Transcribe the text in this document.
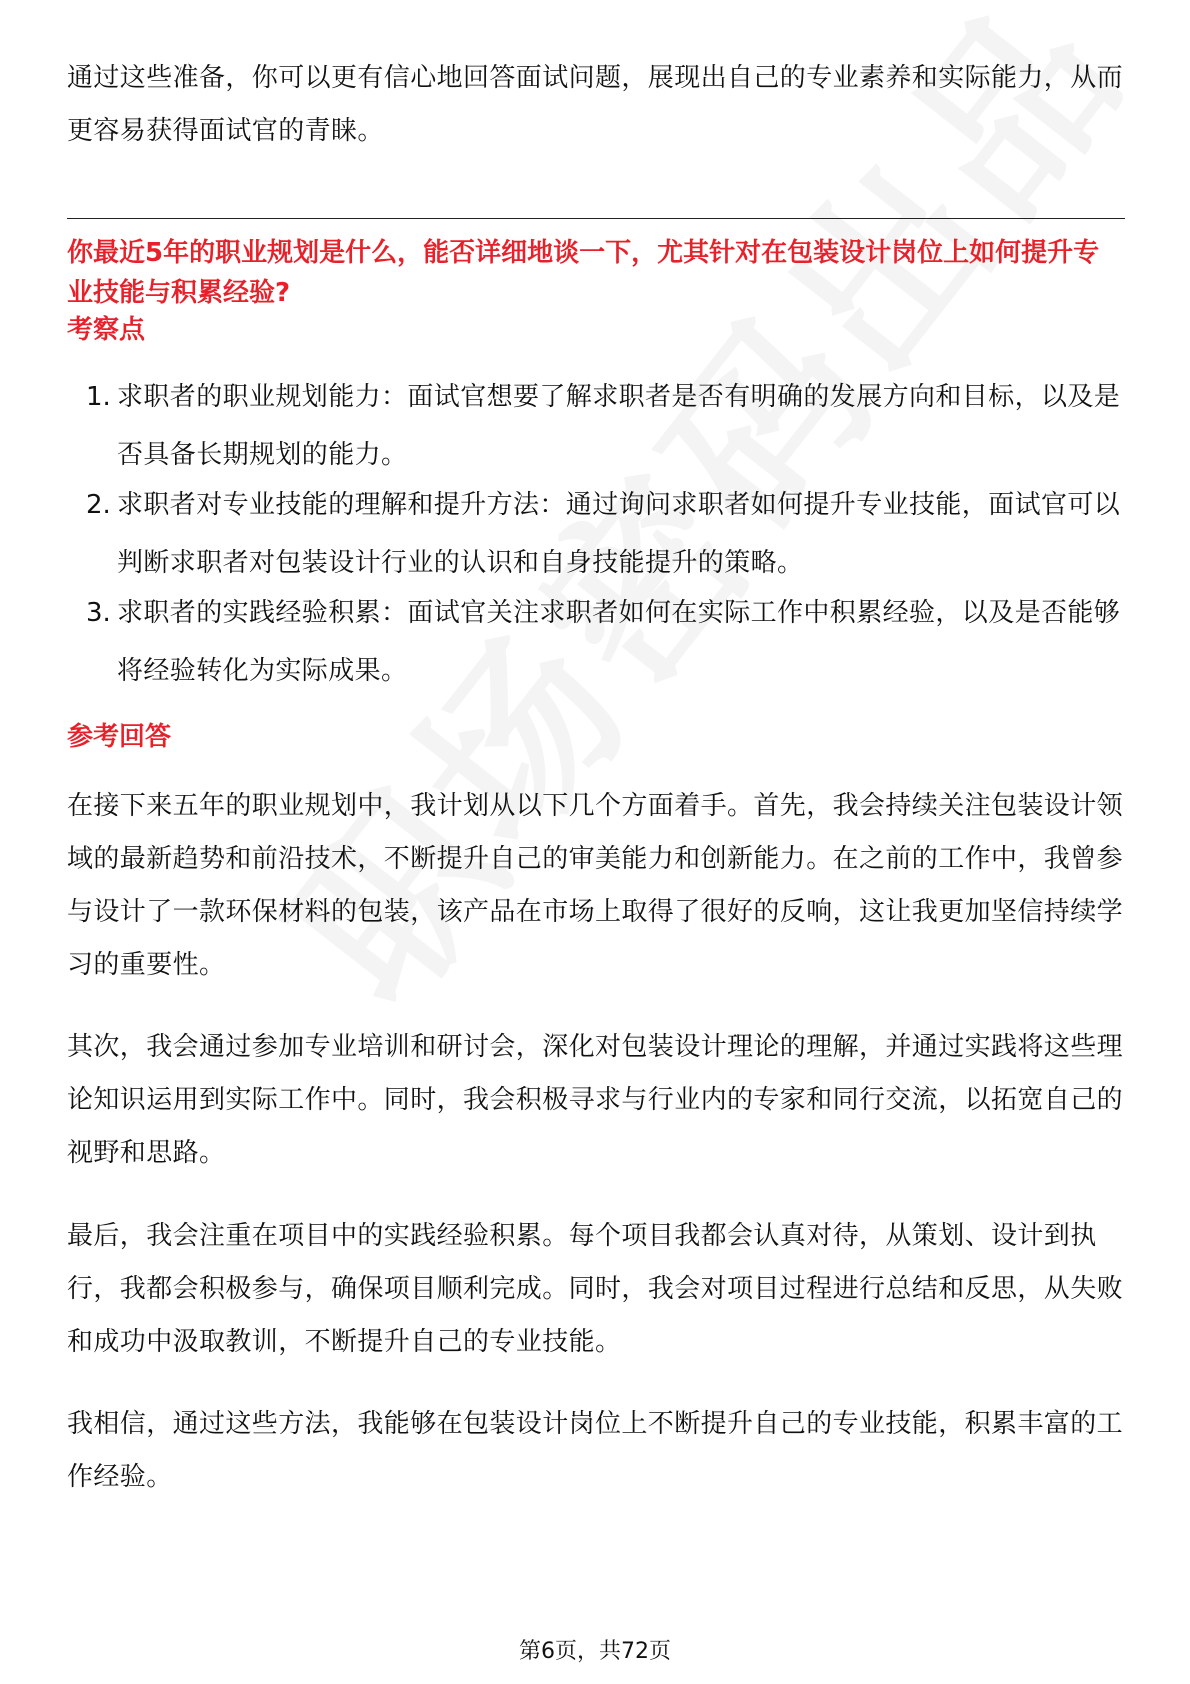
通过这些准备，你可以更有信心地回答面试问题，展现出自己的专业素养和实际能力，从而更容易获得面试官的青睐。

你最近5年的职业规划是什么，能否详细地谈一下，尤其针对在包装设计岗位上如何提升专业技能与积累经验?

考察点

1. 求职者的职业规划能力：面试官想要了解求职者是否有明确的发展方向和目标，以及是否具备长期规划的能力。
2. 求职者对专业技能的理解和提升方法：通过询问求职者如何提升专业技能，面试官可以判断求职者对包装设计行业的认识和自身技能提升的策略。
3. 求职者的实践经验积累：面试官关注求职者如何在实际工作中积累经验，以及是否能够将经验转化为实际成果。

参考回答

在接下来五年的职业规划中，我计划从以下几个方面着手。首先，我会持续关注包装设计领域的最新趋势和前沿技术，不断提升自己的审美能力和创新能力。在之前的工作中，我曾参与设计了一款环保材料的包装，该产品在市场上取得了很好的反响，这让我更加坚信持续学习的重要性。

其次，我会通过参加专业培训和研讨会，深化对包装设计理论的理解，并通过实践将这些理论知识运用到实际工作中。同时，我会积极寻求与行业内的专家和同行交流，以拓宽自己的视野和思路。

最后，我会注重在项目中的实践经验积累。每个项目我都会认真对待，从策划、设计到执行，我都会积极参与，确保项目顺利完成。同时，我会对项目过程进行总结和反思，从失败和成功中汲取教训，不断提升自己的专业技能。

我相信，通过这些方法，我能够在包装设计岗位上不断提升自己的专业技能，积累丰富的工作经验。

第6页，共72页
